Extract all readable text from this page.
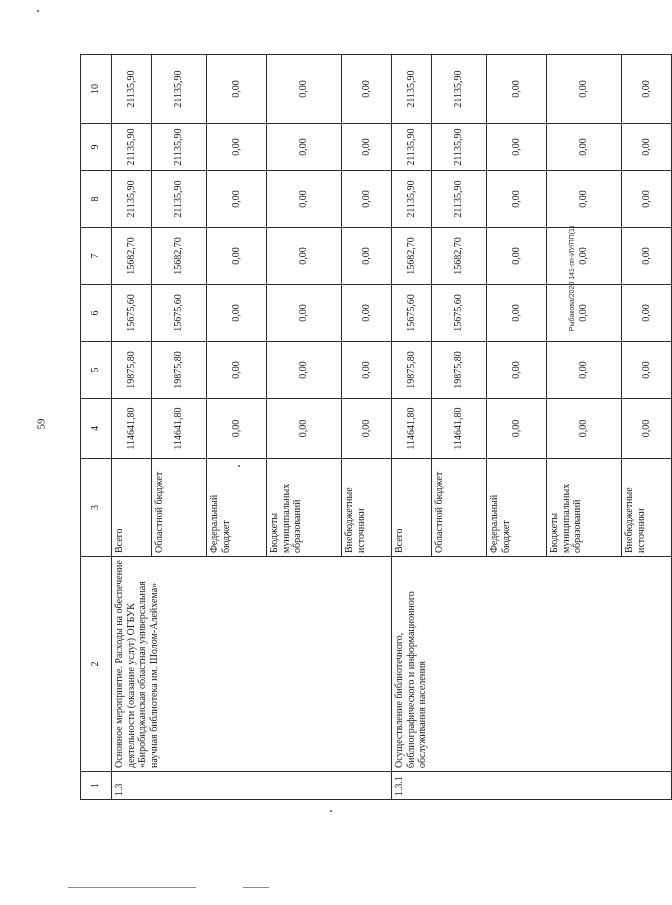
59
Рыбакова/2020 141-пп-ИУ/ПП(1)
1	2	3	4	5	6	7	8	9	10
1.3	Основное мероприятие. Расходы на обеспечение деятельности (оказание услуг) ОГБУК «Биробиджанская областная универсальная научная библиотека им. Шолом-Алейхема»	Всего	114641,80	19875,80	15675,60	15682,70	21135,90	21135,90	21135,90
		Областной бюджет	114641,80	19875,80	15675,60	15682,70	21135,90	21135,90	21135,90
		Федеральный бюджет	0,00	0,00	0,00	0,00	0,00	0,00	0,00
		Бюджеты муниципальных образований	0,00	0,00	0,00	0,00	0,00	0,00	0,00
		Внебюджетные источники	0,00	0,00	0,00	0,00	0,00	0,00	0,00
1.3.1	Осуществление библиотечного, библиографического и информационного обслуживания населения	Всего	114641,80	19875,80	15675,60	15682,70	21135,90	21135,90	21135,90
		Областной бюджет	114641,80	19875,80	15675,60	15682,70	21135,90	21135,90	21135,90
		Федеральный бюджет	0,00	0,00	0,00	0,00	0,00	0,00	0,00
		Бюджеты муниципальных образований	0,00	0,00	0,00	0,00	0,00	0,00	0,00
		Внебюджетные источники	0,00	0,00	0,00	0,00	0,00	0,00	0,00
